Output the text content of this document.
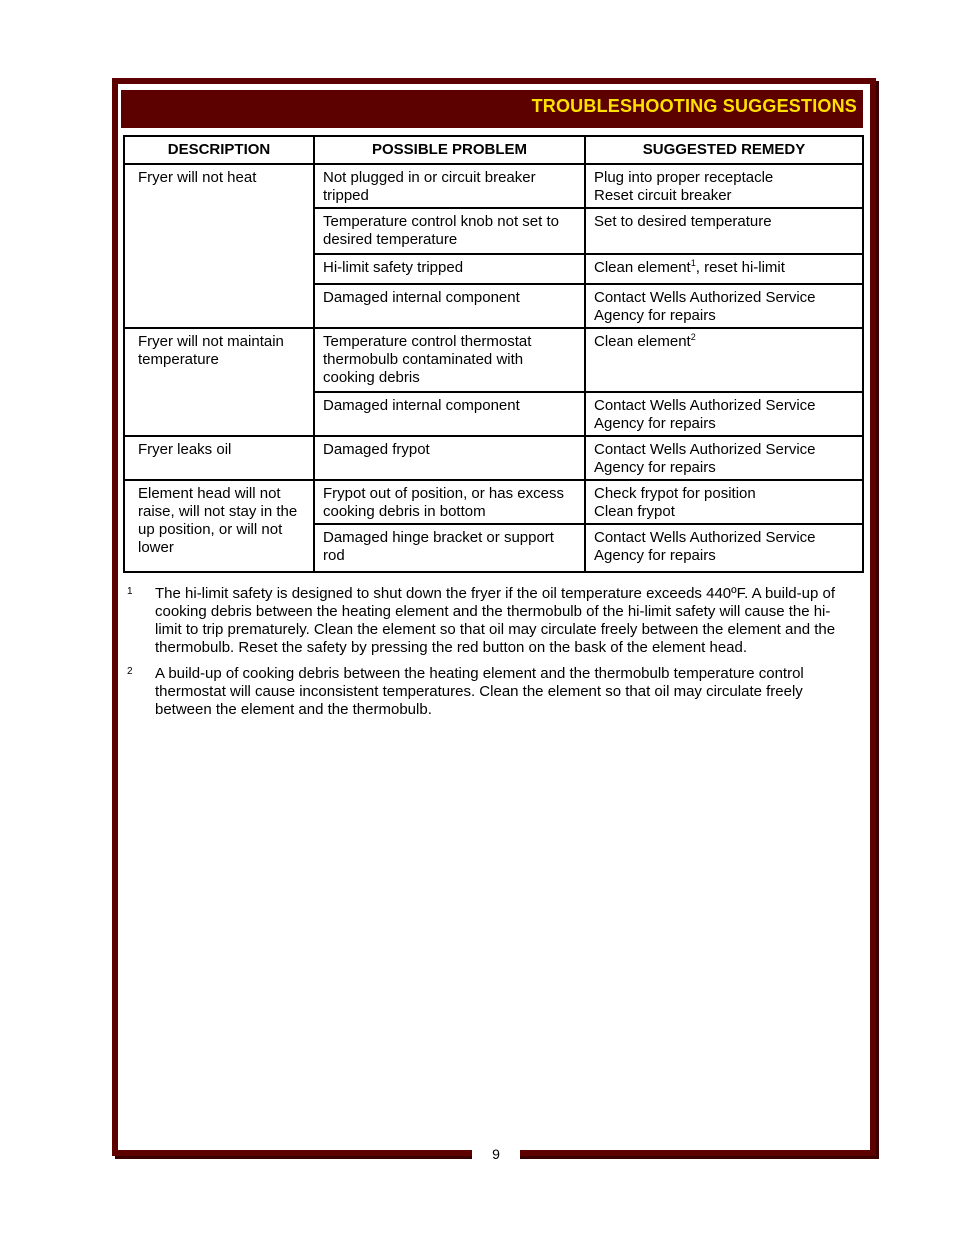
TROUBLESHOOTING SUGGESTIONS
DESCRIPTION	POSSIBLE PROBLEM	SUGGESTED REMEDY
Fryer will not heat	Not plugged in or circuit breaker tripped	Plug into proper receptacle
Reset circuit breaker

	Temperature control knob not set to desired temperature	Set to desired temperature
	Hi-limit safety tripped	Clean element$^1$, reset hi-limit
	Damaged internal component	Contact Wells Authorized Service Agency for repairs
Fryer will not maintain temperature	Temperature control thermostat thermobulb contaminated with cooking debris	Clean element$^2$
	Damaged internal component	Contact Wells Authorized Service Agency for repairs
Fryer leaks oil	Damaged frypot	Contact Wells Authorized Service Agency for repairs
Element head will not raise, will not stay in the up position, or will not lower	Frypot out of position, or has excess cooking debris in bottom	Check frypot for position
Clean frypot

	Damaged hinge bracket or support rod	Contact Wells Authorized Service Agency for repairs
1 The hi-limit safety is designed to shut down the fryer if the oil temperature exceeds 440ºF. A build-up of cooking debris between the heating element and the thermobulb of the hi-limit safety will cause the hi-limit to trip prematurely. Clean the element so that oil may circulate freely between the element and the thermobulb. Reset the safety by pressing the red button on the bask of the element head.
2 A build-up of cooking debris between the heating element and the thermobulb temperature control thermostat will cause inconsistent temperatures. Clean the element so that oil may circulate freely between the element and the thermobulb.
9
